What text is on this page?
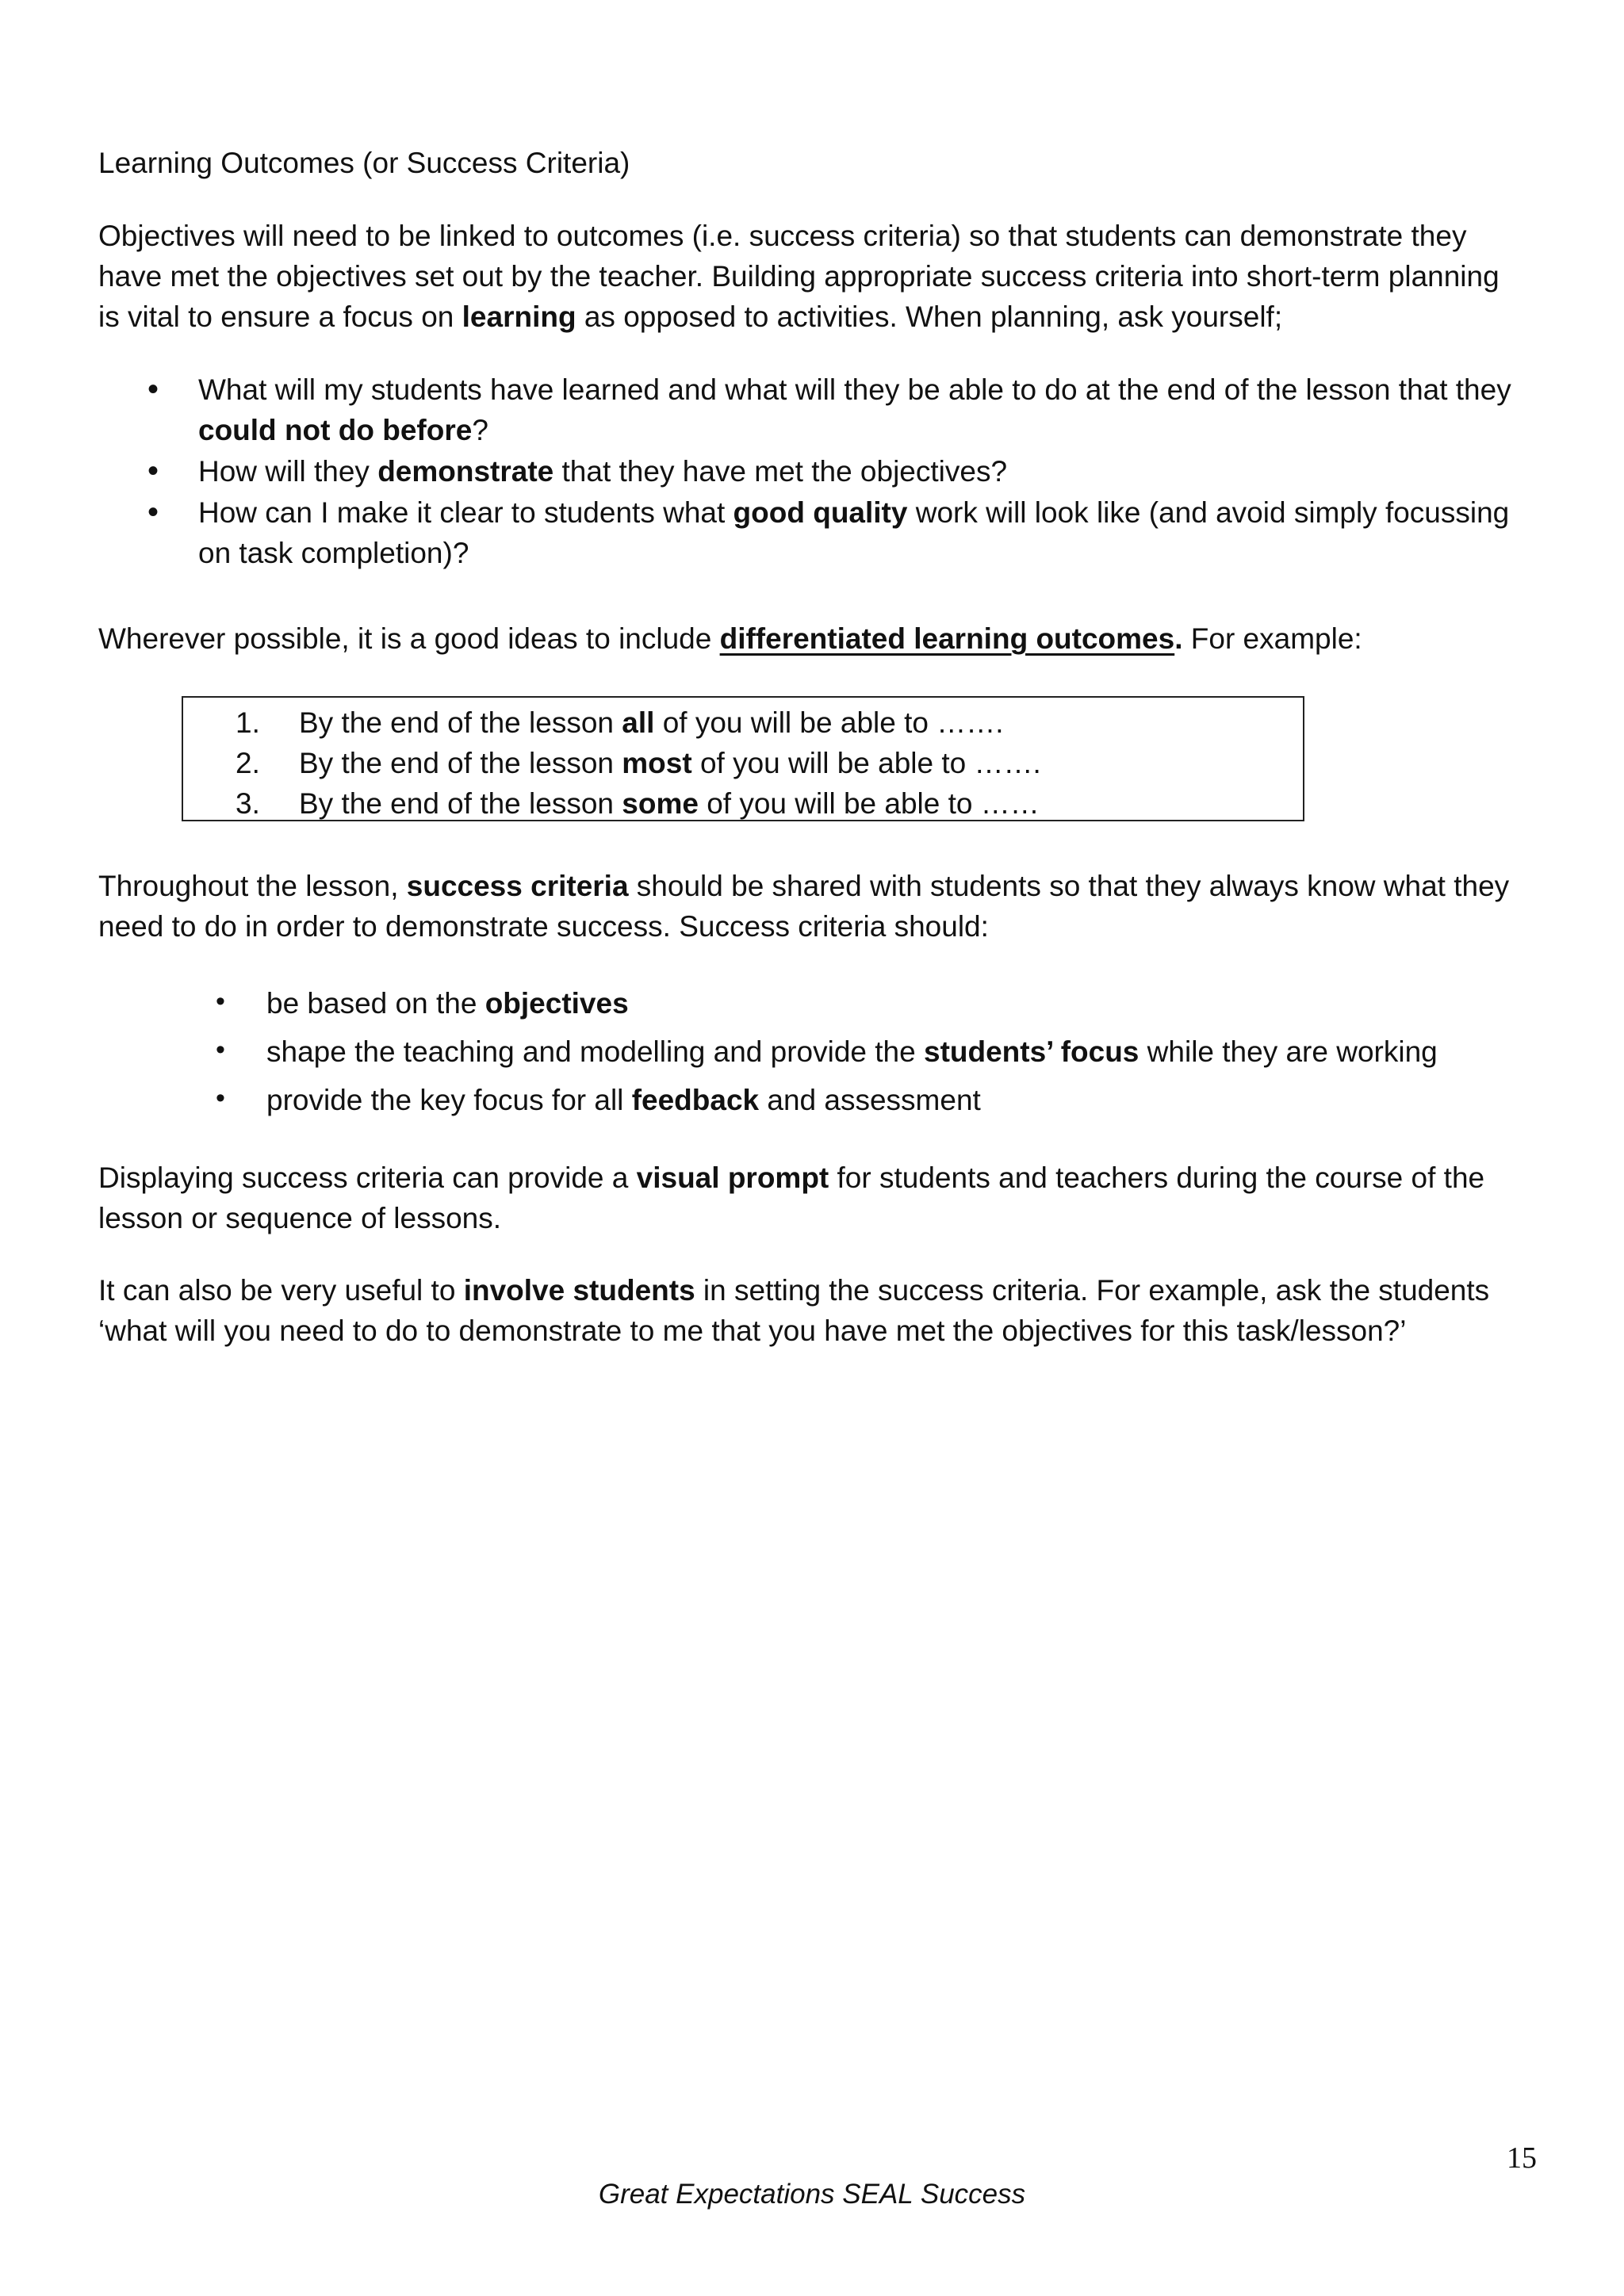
Learning Outcomes (or Success Criteria)

Objectives will need to be linked to outcomes (i.e. success criteria) so that students can demonstrate they have met the objectives set out by the teacher. Building appropriate success criteria into short-term planning is vital to ensure a focus on learning as opposed to activities. When planning, ask yourself;

• What will my students have learned and what will they be able to do at the end of the lesson that they could not do before?
• How will they demonstrate that they have met the objectives?
• How can I make it clear to students what good quality work will look like (and avoid simply focussing on task completion)?

Wherever possible, it is a good ideas to include differentiated learning outcomes. For example:

1. By the end of the lesson all of you will be able to …….
2. By the end of the lesson most of you will be able to …….
3. By the end of the lesson some of you will be able to ……

Throughout the lesson, success criteria should be shared with students so that they always know what they need to do in order to demonstrate success. Success criteria should:

• be based on the objectives
• shape the teaching and modelling and provide the students’ focus while they are working
• provide the key focus for all feedback and assessment

Displaying success criteria can provide a visual prompt for students and teachers during the course of the lesson or sequence of lessons.

It can also be very useful to involve students in setting the success criteria. For example, ask the students ‘what will you need to do to demonstrate to me that you have met the objectives for this task/lesson?’

15
Great Expectations SEAL Success
